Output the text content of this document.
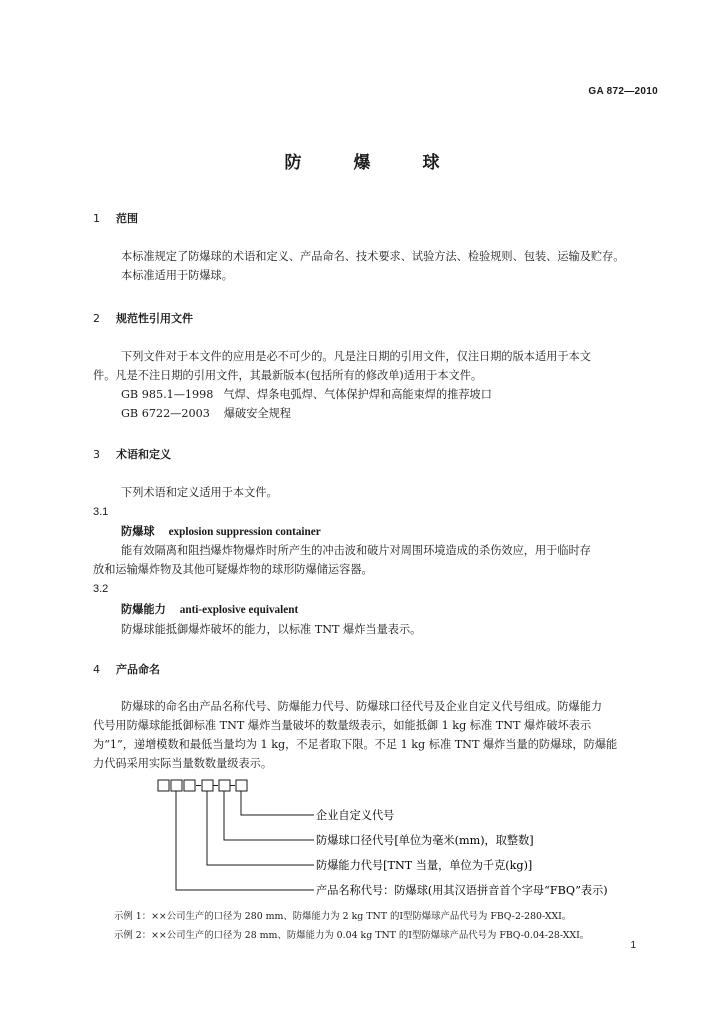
GA 872—2010
防	爆	球
1 范围

本标准规定了防爆球的术语和定义、产品命名、技术要求、试验方法、检验规则、包装、运输及贮存。

本标准适用于防爆球。

2 规范性引用文件

下列文件对于本文件的应用是必不可少的。凡是注日期的引用文件，仅注日期的版本适用于本文

件。凡是不注日期的引用文件，其最新版本(包括所有的修改单)适用于本文件。

GB 985.1—1998 气焊、焊条电弧焊、气体保护焊和高能束焊的推荐坡口

GB 6722—2003 爆破安全规程

3 术语和定义

下列术语和定义适用于本文件。

3.1
防爆球 explosion suppression container

能有效隔离和阻挡爆炸物爆炸时所产生的冲击波和破片对周围环境造成的杀伤效应，用于临时存

放和运输爆炸物及其他可疑爆炸物的球形防爆储运容器。

3.2
防爆能力 anti-explosive equivalent

防爆球能抵御爆炸破坏的能力，以标准 TNT 爆炸当量表示。

4 产品命名

防爆球的命名由产品名称代号、防爆能力代号、防爆球口径代号及企业自定义代号组成。防爆能力

代号用防爆球能抵御标准 TNT 爆炸当量破坏的数量级表示，如能抵御 1 kg 标准 TNT 爆炸破坏表示

为“1”，递增模数和最低当量均为 1 kg，不足者取下限。不足 1 kg 标准 TNT 爆炸当量的防爆球，防爆能

力代码采用实际当量数数量级表示。

企业自定义代号
防爆球口径代号[单位为毫米(mm)，取整数]
防爆能力代号[TNT 当量，单位为千克(kg)]
产品名称代号：防爆球(用其汉语拼音首个字母“FBQ”表示)

示例 1：××公司生产的口径为 280 mm、防爆能力为 2 kg TNT 的Ⅰ型防爆球产品代号为 FBQ-2-280-XXI。

示例 2：××公司生产的口径为 28 mm、防爆能力为 0.04 kg TNT 的Ⅰ型防爆球产品代号为 FBQ-0.04-28-XXI。

1
